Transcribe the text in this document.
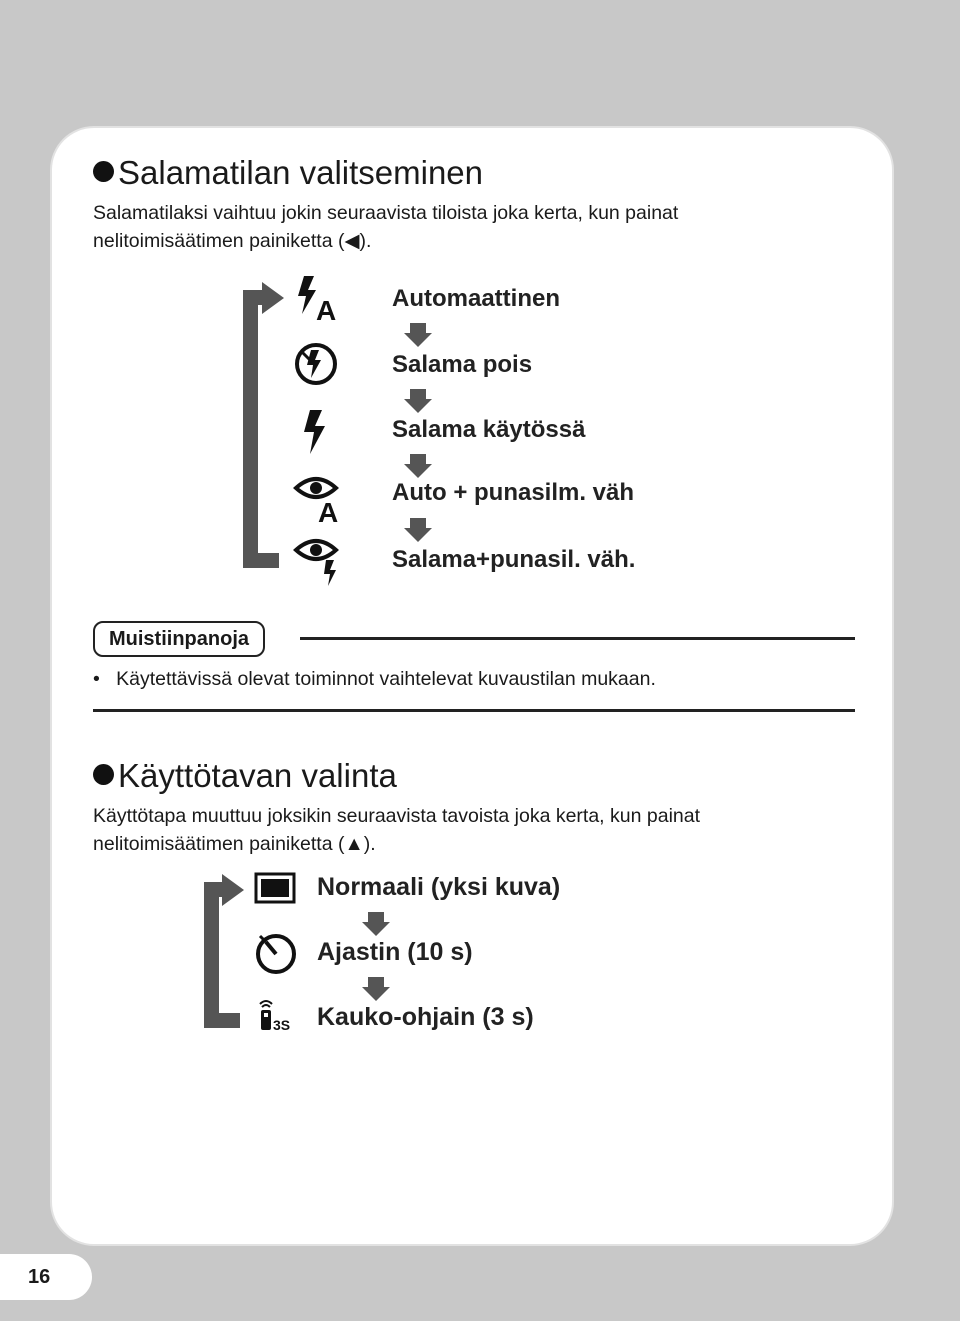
Salamatilan valitseminen
Salamatilaksi vaihtuu jokin seuraavista tiloista joka kerta, kun painat
nelitoimisäätimen painiketta (◀).
A
A
Automaattinen
Salama pois
Salama käytössä
Auto + punasilm. väh
Salama+punasil. väh.
Muistiinpanoja
•   Käytettävissä olevat toiminnot vaihtelevat kuvaustilan mukaan.
Käyttötavan valinta
Käyttötapa muuttuu joksikin seuraavista tavoista joka kerta, kun painat
nelitoimisäätimen painiketta (▲).
3S
Normaali (yksi kuva)
Ajastin (10 s)
Kauko-ohjain (3 s)
16
